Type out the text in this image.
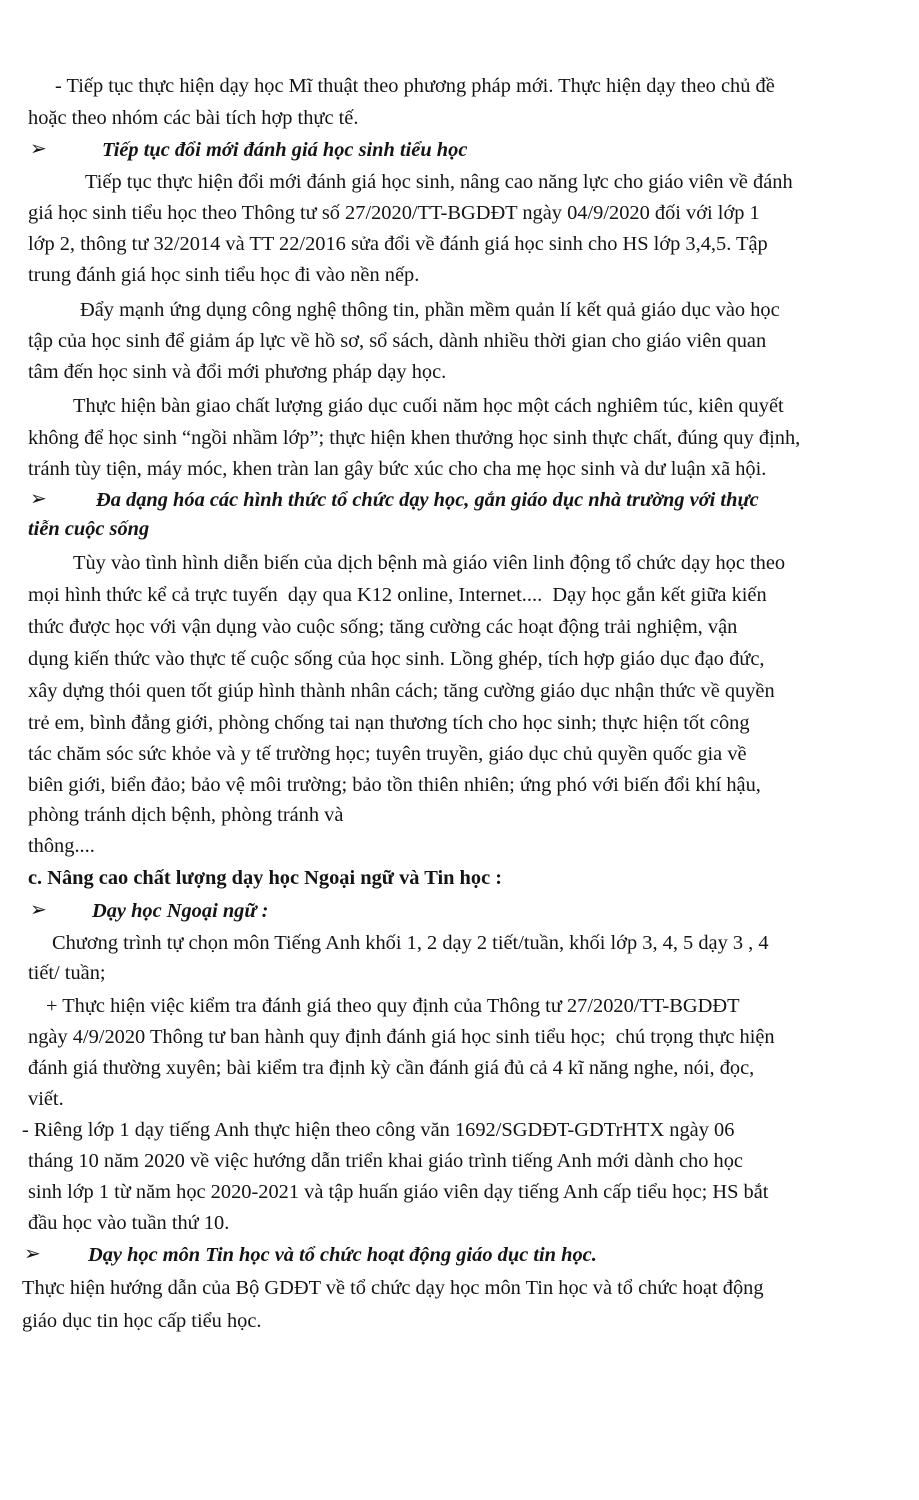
- Tiếp tục thực hiện dạy học Mĩ thuật theo phương pháp mới. Thực hiện dạy theo chủ đề
hoặc theo nhóm các bài tích hợp thực tế.
➢	Tiếp tục đổi mới đánh giá học sinh tiểu học
Tiếp tục thực hiện đổi mới đánh giá học sinh, nâng cao năng lực cho giáo viên về đánh
giá học sinh tiểu học theo Thông tư số 27/2020/TT-BGDĐT ngày 04/9/2020 đối với lớp 1
lớp 2, thông tư 32/2014 và TT 22/2016 sửa đổi về đánh giá học sinh cho HS lớp 3,4,5. Tập
trung đánh giá học sinh tiểu học đi vào nền nếp.
Đẩy mạnh ứng dụng công nghệ thông tin, phần mềm quản lí kết quả giáo dục vào học
tập của học sinh để giảm áp lực về hồ sơ, sổ sách, dành nhiều thời gian cho giáo viên quan
tâm đến học sinh và đổi mới phương pháp dạy học.
Thực hiện bàn giao chất lượng giáo dục cuối năm học một cách nghiêm túc, kiên quyết
không để học sinh “ngồi nhầm lớp”; thực hiện khen thưởng học sinh thực chất, đúng quy định,
tránh tùy tiện, máy móc, khen tràn lan gây bức xúc cho cha mẹ học sinh và dư luận xã hội.
➢ Đa dạng hóa các hình thức tổ chức dạy học, gắn giáo dục nhà trường với thực
tiễn cuộc sống
Tùy vào tình hình diễn biến của dịch bệnh mà giáo viên linh động tổ chức dạy học theo
mọi hình thức kể cả trực tuyến  dạy qua K12 online, Internet....  Dạy học gắn kết giữa kiến
thức được học với vận dụng vào cuộc sống; tăng cường các hoạt động trải nghiệm, vận
dụng kiến thức vào thực tế cuộc sống của học sinh. Lồng ghép, tích hợp giáo dục đạo đức,
xây dựng thói quen tốt giúp hình thành nhân cách; tăng cường giáo dục nhận thức về quyền
trẻ em, bình đẳng giới, phòng chống tai nạn thương tích cho học sinh; thực hiện tốt công
tác chăm sóc sức khỏe và y tế trường học; tuyên truyền, giáo dục chủ quyền quốc gia về
biên giới, biển đảo; bảo vệ môi trường; bảo tồn thiên nhiên; ứng phó với biến đổi khí hậu,
phòng tránh dịch bệnh, phòng tránh và
thông....
c. Nâng cao chất lượng dạy học Ngoại ngữ và Tin học :
➢ Dạy học Ngoại ngữ :
Chương trình tự chọn môn Tiếng Anh khối 1, 2 dạy 2 tiết/tuần, khối lớp 3, 4, 5 dạy 3 , 4
tiết/ tuần;
+ Thực hiện việc kiểm tra đánh giá theo quy định của Thông tư 27/2020/TT-BGDĐT
ngày 4/9/2020 Thông tư ban hành quy định đánh giá học sinh tiểu học;  chú trọng thực hiện
đánh giá thường xuyên; bài kiểm tra định kỳ cần đánh giá đủ cả 4 kĩ năng nghe, nói, đọc,
viết.
- Riêng lớp 1 dạy tiếng Anh thực hiện theo công văn 1692/SGDĐT-GDTrHTX ngày 06
tháng 10 năm 2020 về việc hướng dẫn triển khai giáo trình tiếng Anh mới dành cho học
sinh lớp 1 từ năm học 2020-2021 và tập huấn giáo viên dạy tiếng Anh cấp tiểu học; HS bắt
đầu học vào tuần thứ 10.
➢ Dạy học môn Tin học và tổ chức hoạt động giáo dục tin học.
Thực hiện hướng dẫn của Bộ GDĐT về tổ chức dạy học môn Tin học và tổ chức hoạt động
giáo dục tin học cấp tiểu học.
